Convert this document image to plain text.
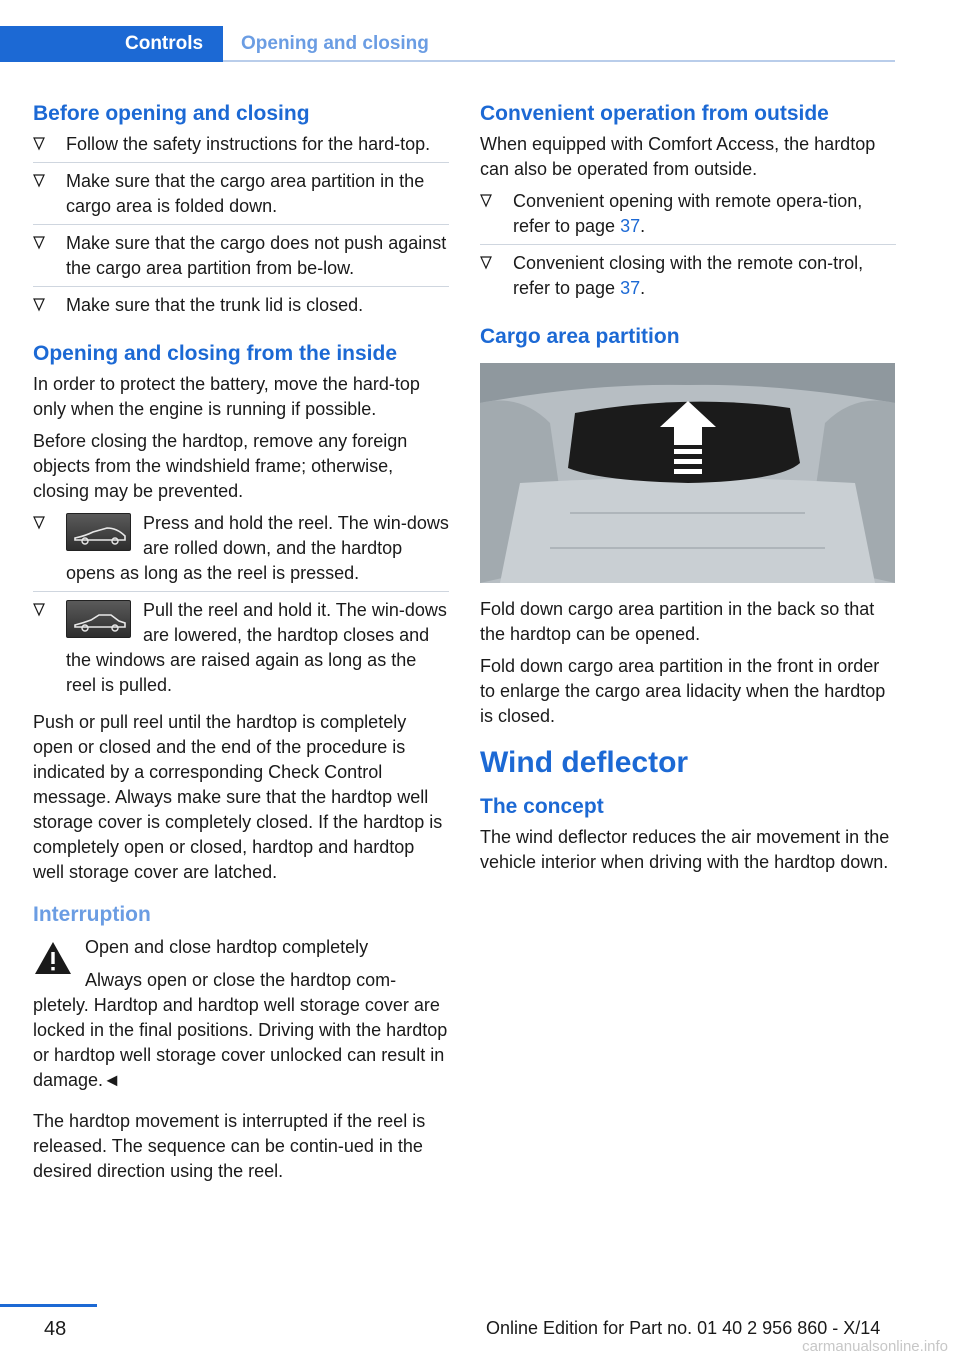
Controls	Opening and closing
Before opening and closing
Follow the safety instructions for the hard-top.
Make sure that the cargo area partition in the cargo area is folded down.
Make sure that the cargo does not push against the cargo area partition from be-low.
Make sure that the trunk lid is closed.
Opening and closing from the inside

In order to protect the battery, move the hard-top only when the engine is running if possible.

Before closing the hardtop, remove any foreign objects from the windshield frame; otherwise, closing may be prevented.

Press and hold the reel. The win-dows are rolled down, and the hardtop opens as long as the reel is pressed.
Pull the reel and hold it. The win-dows are lowered, the hardtop closes and the windows are raised again as long as the reel is pulled.

Push or pull reel until the hardtop is completely open or closed and the end of the procedure is indicated by a corresponding Check Control message. Always make sure that the hardtop well storage cover is completely closed. If the hardtop is completely open or closed, hardtop and hardtop well storage cover are latched.

Interruption

Open and close hardtop completely

Always open or close the hardtop com-pletely. Hardtop and hardtop well storage cover are locked in the final positions. Driving with the hardtop or hardtop well storage cover unlocked can result in damage.◄

The hardtop movement is interrupted if the reel is released. The sequence can be contin-ued in the desired direction using the reel.

Convenient operation from outside

When equipped with Comfort Access, the hardtop can also be operated from outside.

Convenient opening with remote opera-tion, refer to page 37.
Convenient closing with the remote con-trol, refer to page 37.
Cargo area partition

Fold down cargo area partition in the back so that the hardtop can be opened.

Fold down cargo area partition in the front in order to enlarge the cargo area lidacity when the hardtop is closed.

Wind deflector
The concept

The wind deflector reduces the air movement in the vehicle interior when driving with the hardtop down.

48	Online Edition for Part no. 01 40 2 956 860 - X/14
carmanualsonline.info
